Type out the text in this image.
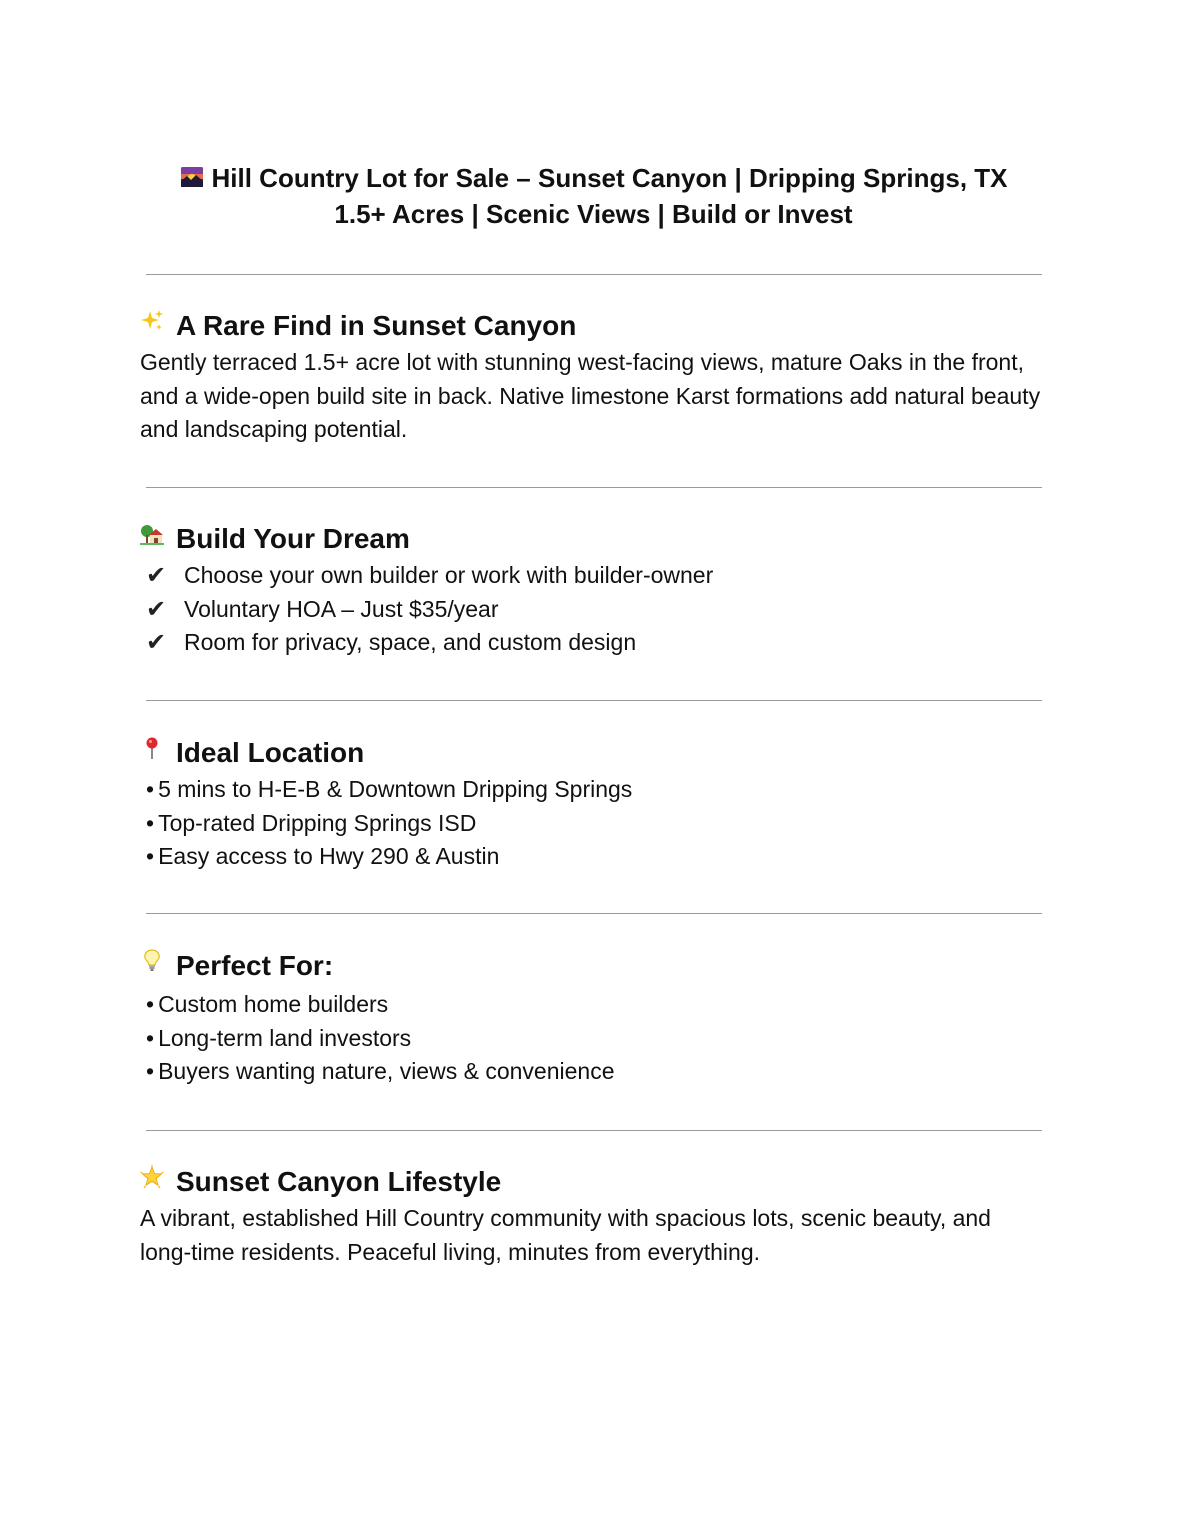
Hill Country Lot for Sale – Sunset Canyon | Dripping Springs, TX
1.5+ Acres | Scenic Views | Build or Invest
A Rare Find in Sunset Canyon

Gently terraced 1.5+ acre lot with stunning west-facing views, mature Oaks in the front, and a wide-open build site in back. Native limestone Karst formations add natural beauty and landscaping potential.

Build Your Dream
✔ Choose your own builder or work with builder-owner
✔ Voluntary HOA – Just $35/year
✔ Room for privacy, space, and custom design
Ideal Location
• 5 mins to H-E-B & Downtown Dripping Springs
• Top-rated Dripping Springs ISD
• Easy access to Hwy 290 & Austin
Perfect For:
• Custom home builders
• Long-term land investors
• Buyers wanting nature, views & convenience
Sunset Canyon Lifestyle

A vibrant, established Hill Country community with spacious lots, scenic beauty, and long-time residents. Peaceful living, minutes from everything.
